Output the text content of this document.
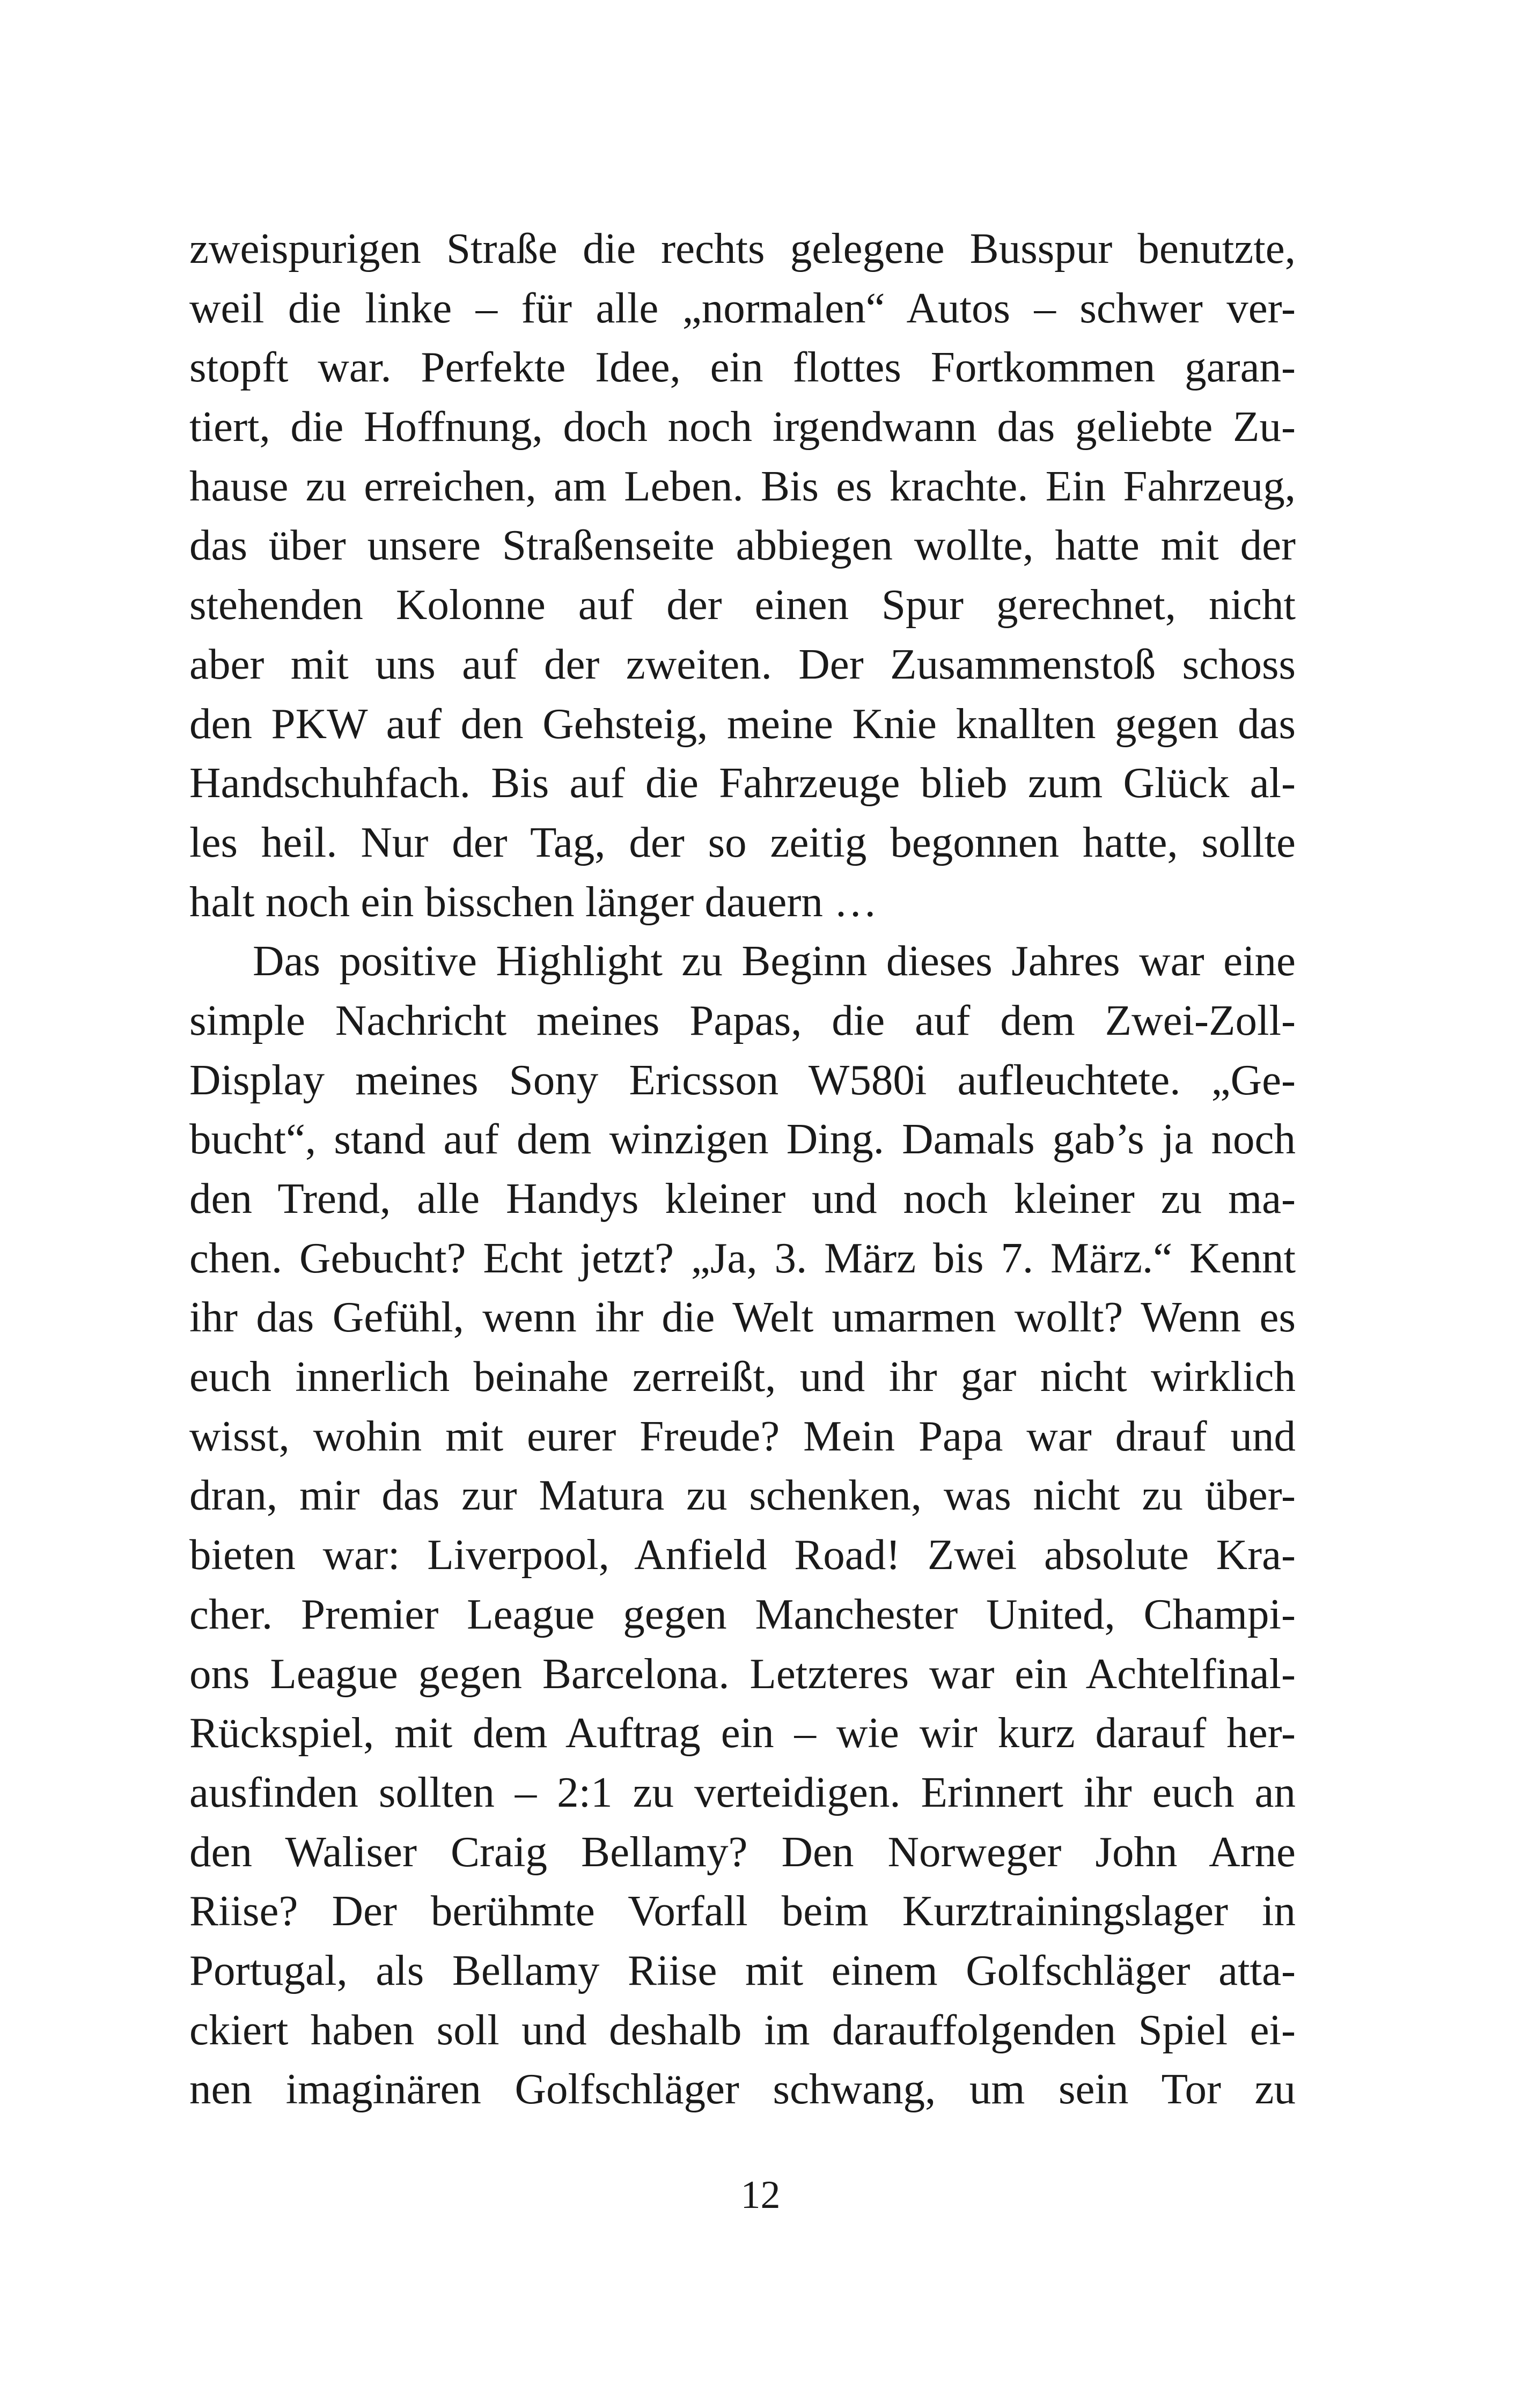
zweispurigen Straße die rechts gelegene Busspur benutzte,
weil die linke – für alle „normalen“ Autos – schwer ver-
stopft war. Perfekte Idee, ein flottes Fortkommen garan-
tiert, die Hoffnung, doch noch irgendwann das geliebte Zu-
hause zu erreichen, am Leben. Bis es krachte. Ein Fahrzeug,
das über unsere Straßenseite abbiegen wollte, hatte mit der
stehenden Kolonne auf der einen Spur gerechnet, nicht
aber mit uns auf der zweiten. Der Zusammenstoß schoss
den PKW auf den Gehsteig, meine Knie knallten gegen das
Handschuhfach. Bis auf die Fahrzeuge blieb zum Glück al-
les heil. Nur der Tag, der so zeitig begonnen hatte, sollte
halt noch ein bisschen länger dauern …
Das positive Highlight zu Beginn dieses Jahres war eine
simple Nachricht meines Papas, die auf dem Zwei-Zoll-
Display meines Sony Ericsson W580i aufleuchtete. „Ge-
bucht“, stand auf dem winzigen Ding. Damals gab’s ja noch
den Trend, alle Handys kleiner und noch kleiner zu ma-
chen. Gebucht? Echt jetzt? „Ja, 3. März bis 7. März.“ Kennt
ihr das Gefühl, wenn ihr die Welt umarmen wollt? Wenn es
euch innerlich beinahe zerreißt, und ihr gar nicht wirklich
wisst, wohin mit eurer Freude? Mein Papa war drauf und
dran, mir das zur Matura zu schenken, was nicht zu über-
bieten war: Liverpool, Anfield Road! Zwei absolute Kra-
cher. Premier League gegen Manchester United, Champi-
ons League gegen Barcelona. Letzteres war ein Achtelfinal-
Rückspiel, mit dem Auftrag ein – wie wir kurz darauf her-
ausfinden sollten – 2:1 zu verteidigen. Erinnert ihr euch an
den Waliser Craig Bellamy? Den Norweger John Arne
Riise? Der berühmte Vorfall beim Kurztrainingslager in
Portugal, als Bellamy Riise mit einem Golfschläger atta-
ckiert haben soll und deshalb im darauffolgenden Spiel ei-
nen imaginären Golfschläger schwang, um sein Tor zu
12
